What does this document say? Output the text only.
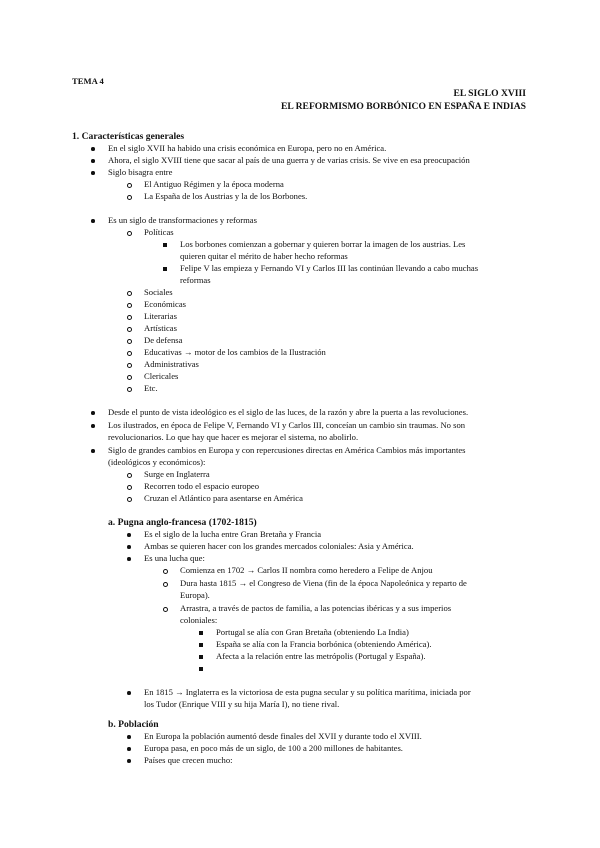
TEMA 4
EL SIGLO XVIII
EL REFORMISMO BORBÓNICO EN ESPAÑA E INDIAS
1. Características generales
En el siglo XVII ha habido una crisis económica en Europa, pero no en América.
Ahora, el siglo XVIII tiene que sacar al país de una guerra y de varias crisis. Se vive en esa preocupación
Siglo bisagra entre
El Antiguo Régimen y la época moderna
La España de los Austrias y la de los Borbones.
Es un siglo de transformaciones y reformas
Políticas
Los borbones comienzan a gobernar y quieren borrar la imagen de los austrias. Les
quieren quitar el mérito de haber hecho reformas
Felipe V las empieza y Fernando VI y Carlos III las continúan llevando a cabo muchas
reformas
Sociales
Económicas
Literarias
Artísticas
De defensa
Educativas → motor de los cambios de la Ilustración
Administrativas
Clericales
Etc.
Desde el punto de vista ideológico es el siglo de las luces, de la razón y abre la puerta a las revoluciones.
Los ilustrados, en época de Felipe V, Fernando VI y Carlos III, conceían un cambio sin traumas. No son
revolucionarios. Lo que hay que hacer es mejorar el sistema, no abolirlo.
Siglo de grandes cambios en Europa y con repercusiones directas en América Cambios más importantes
(ideológicos y económicos):
Surge en Inglaterra
Recorren todo el espacio europeo
Cruzan el Atlántico para asentarse en América
a. Pugna anglo-francesa (1702-1815)
Es el siglo de la lucha entre Gran Bretaña y Francia
Ambas se quieren hacer con los grandes mercados coloniales: Asia y América.
Es una lucha que:
Comienza en 1702 → Carlos II nombra como heredero a Felipe de Anjou
Dura hasta 1815 → el Congreso de Viena (fin de la época Napoleónica y reparto de
Europa).
Arrastra, a través de pactos de familia, a las potencias ibéricas y a sus imperios
coloniales:
Portugal se alía con Gran Bretaña (obteniendo La India)
España se alía con la Francia borbónica (obteniendo América).
Afecta a la relación entre las metrópolis (Portugal y España).
En 1815 → Inglaterra es la victoriosa de esta pugna secular y su política marítima, iniciada por
los Tudor (Enrique VIII y su hija María I), no tiene rival.
b. Población
En Europa la población aumentó desde finales del XVII y durante todo el XVIII.
Europa pasa, en poco más de un siglo, de 100 a 200 millones de habitantes.
Países que crecen mucho:
